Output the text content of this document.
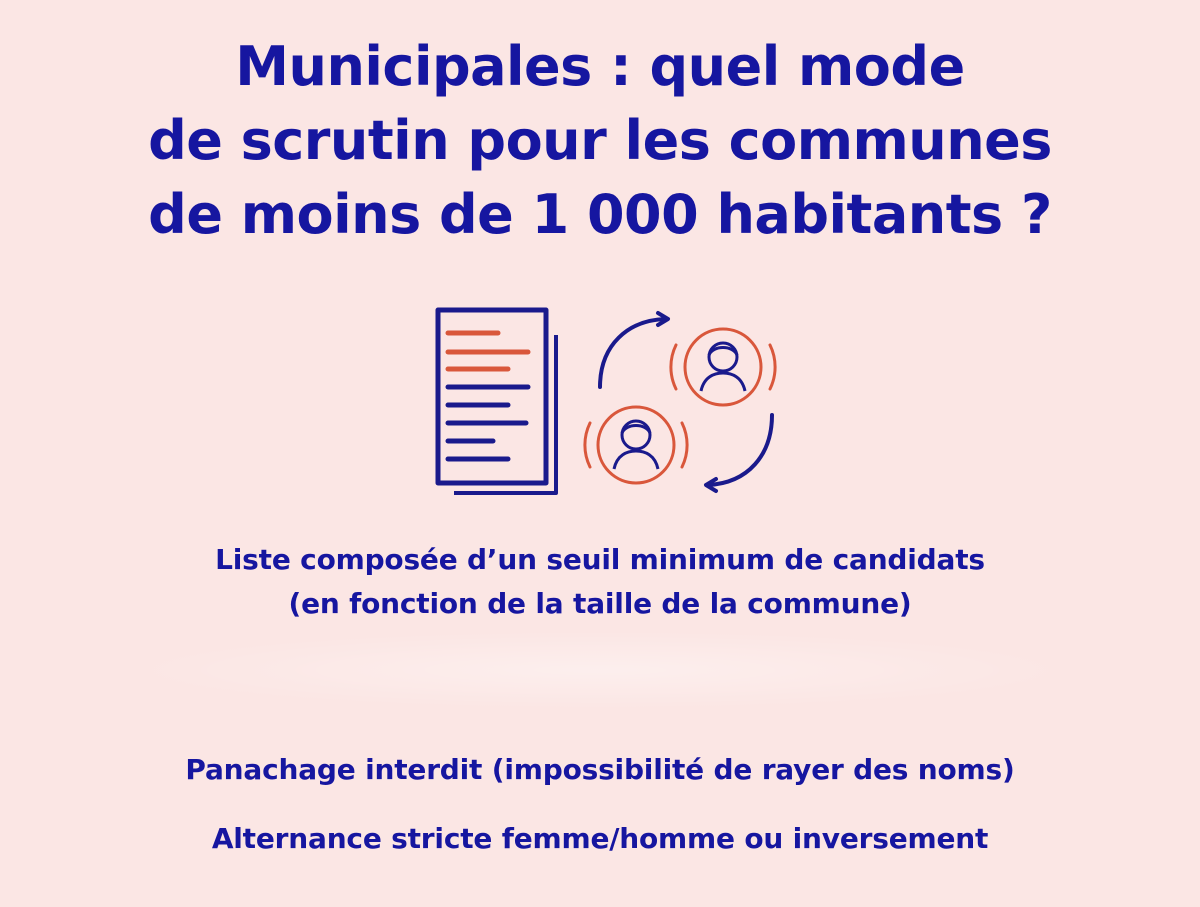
Municipales : quel mode
de scrutin pour les communes
de moins de 1 000 habitants ?
Liste composée d’un seuil minimum de candidats
(en fonction de la taille de la commune)
Panachage interdit (impossibilité de rayer des noms)
Alternance stricte femme/homme ou inversement
